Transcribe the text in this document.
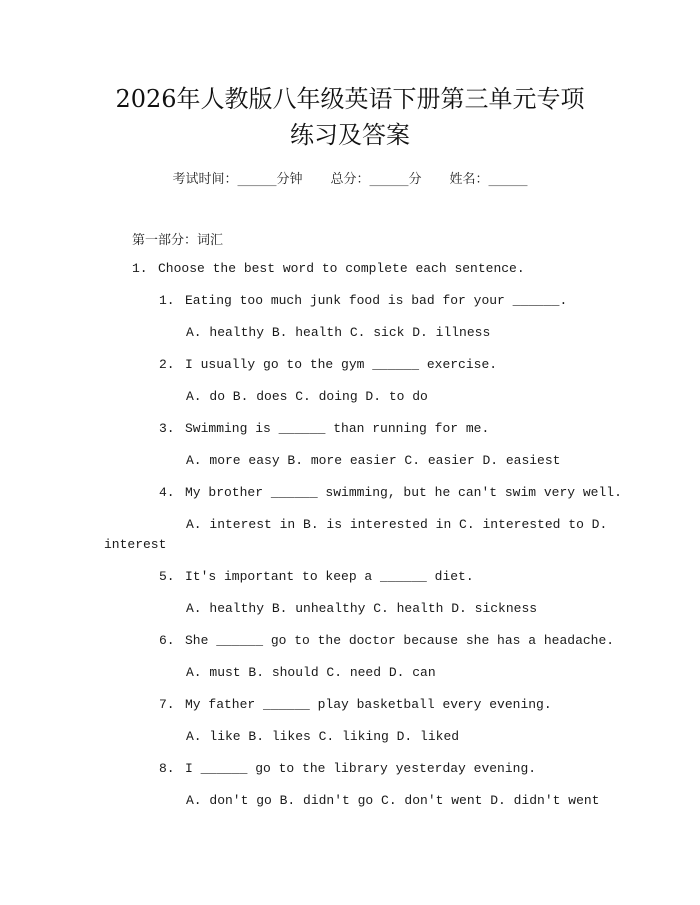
2026年人教版八年级英语下册第三单元专项
练习及答案
考试时间：______分钟 总分：______分 姓名：______
第一部分：词汇
1. Choose the best word to complete each sentence.
1. Eating too much junk food is bad for your ______.
A. healthy B. health C. sick D. illness
2. I usually go to the gym ______ exercise.
A. do B. does C. doing D. to do
3. Swimming is ______ than running for me.
A. more easy B. more easier C. easier D. easiest
4. My brother ______ swimming, but he can't swim very well.
A. interest in B. is interested in C. interested to D.
interest
5. It's important to keep a ______ diet.
A. healthy B. unhealthy C. health D. sickness
6. She ______ go to the doctor because she has a headache.
A. must B. should C. need D. can
7. My father ______ play basketball every evening.
A. like B. likes C. liking D. liked
8. I ______ go to the library yesterday evening.
A. don't go B. didn't go C. don't went D. didn't went
